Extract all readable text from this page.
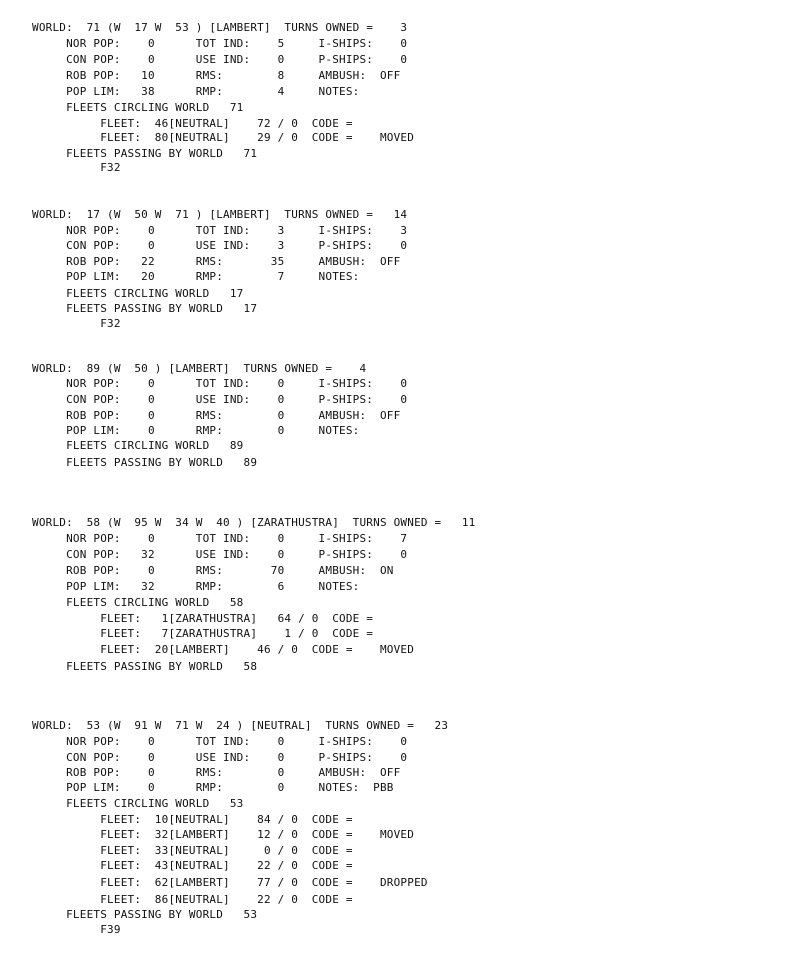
WORLD:  71 (W  17 W  53 ) [LAMBERT]  TURNS OWNED =    3
NOR POP:    0      TOT IND:    5     I-SHIPS:    0
CON POP:    0      USE IND:    0     P-SHIPS:    0
ROB POP:   10      RMS:        8     AMBUSH:  OFF
POP LIM:   38      RMP:        4     NOTES:
FLEETS CIRCLING WORLD   71
FLEET:  46[NEUTRAL]    72 / 0  CODE =
FLEET:  80[NEUTRAL]    29 / 0  CODE =    MOVED
FLEETS PASSING BY WORLD   71
F32
WORLD:  17 (W  50 W  71 ) [LAMBERT]  TURNS OWNED =   14
NOR POP:    0      TOT IND:    3     I-SHIPS:    3
CON POP:    0      USE IND:    3     P-SHIPS:    0
ROB POP:   22      RMS:       35     AMBUSH:  OFF
POP LIM:   20      RMP:        7     NOTES:
FLEETS CIRCLING WORLD   17
FLEETS PASSING BY WORLD   17
F32
WORLD:  89 (W  50 ) [LAMBERT]  TURNS OWNED =    4
NOR POP:    0      TOT IND:    0     I-SHIPS:    0
CON POP:    0      USE IND:    0     P-SHIPS:    0
ROB POP:    0      RMS:        0     AMBUSH:  OFF
POP LIM:    0      RMP:        0     NOTES:
FLEETS CIRCLING WORLD   89
FLEETS PASSING BY WORLD   89
WORLD:  58 (W  95 W  34 W  40 ) [ZARATHUSTRA]  TURNS OWNED =   11
NOR POP:    0      TOT IND:    0     I-SHIPS:    7
CON POP:   32      USE IND:    0     P-SHIPS:    0
ROB POP:    0      RMS:       70     AMBUSH:  ON
POP LIM:   32      RMP:        6     NOTES:
FLEETS CIRCLING WORLD   58
FLEET:   1[ZARATHUSTRA]   64 / 0  CODE =
FLEET:   7[ZARATHUSTRA]    1 / 0  CODE =
FLEET:  20[LAMBERT]    46 / 0  CODE =    MOVED
FLEETS PASSING BY WORLD   58
WORLD:  53 (W  91 W  71 W  24 ) [NEUTRAL]  TURNS OWNED =   23
NOR POP:    0      TOT IND:    0     I-SHIPS:    0
CON POP:    0      USE IND:    0     P-SHIPS:    0
ROB POP:    0      RMS:        0     AMBUSH:  OFF
POP LIM:    0      RMP:        0     NOTES:  PBB
FLEETS CIRCLING WORLD   53
FLEET:  10[NEUTRAL]    84 / 0  CODE =
FLEET:  32[LAMBERT]    12 / 0  CODE =    MOVED
FLEET:  33[NEUTRAL]     0 / 0  CODE =
FLEET:  43[NEUTRAL]    22 / 0  CODE =
FLEET:  62[LAMBERT]    77 / 0  CODE =    DROPPED
FLEET:  86[NEUTRAL]    22 / 0  CODE =
FLEETS PASSING BY WORLD   53
F39
